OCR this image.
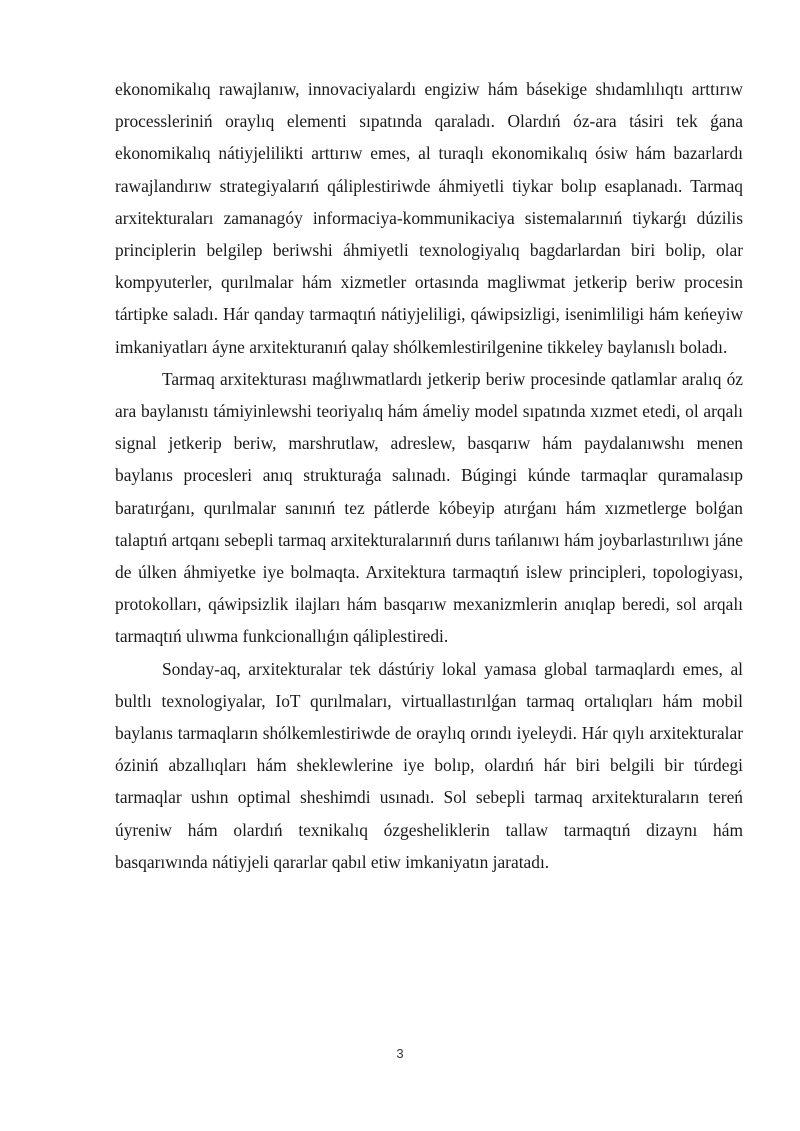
ekonomikalıq rawajlanıw, innovaciyalardı engiziw hám básekige shıdamlılıqtı arttırıw processleriniń oraylıq elementi sıpatında qaraladı. Olardıń óz-ara tásiri tek ǵana ekonomikalıq nátiyjelilikti arttırıw emes, al turaqlı ekonomikalıq ósiw hám bazarlardı rawajlandırıw strategiyalarıń qáliplestiriwde áhmiyetli tiykar bolıp esaplanadı. Tarmaq arxitekturaları zamanagóy informaciya-kommunikaciya sistemalarınıń tiykarǵı dúzilis principlerin belgilep beriwshi áhmiyetli texnologiyalıq bagdarlardan biri bolip, olar kompyuterler, qurılmalar hám xizmetler ortasında magliwmat jetkerip beriw procesin tártipke saladı. Hár qanday tarmaqtıń nátiyjeliligi, qáwipsizligi, isenimliligi hám keńeyiw imkaniyatları áyne arxitekturanıń qalay shólkemlestirilgenine tikkeley baylanıslı boladı.

Tarmaq arxitekturası maǵlıwmatlardı jetkerip beriw procesinde qatlamlar aralıq óz ara baylanıstı támiyinlewshi teoriyalıq hám ámeliy model sıpatında xızmet etedi, ol arqalı signal jetkerip beriw, marshrutlaw, adreslew, basqarıw hám paydalanıwshı menen baylanıs procesleri anıq strukturaǵa salınadı. Búgingi kúnde tarmaqlar quramalasıp baratırǵanı, qurılmalar sanınıń tez pátlerde kóbeyip atırǵanı hám xızmetlerge bolǵan talaptıń artqanı sebepli tarmaq arxitekturalarınıń durıs tańlanıwı hám joybarlastırılıwı jáne de úlken áhmiyetke iye bolmaqta. Arxitektura tarmaqtıń islew principleri, topologiyası, protokolları, qáwipsizlik ilajları hám basqarıw mexanizmlerin anıqlap beredi, sol arqalı tarmaqtıń ulıwma funkcionallıǵın qáliplestiredi.

Sonday-aq, arxitekturalar tek dástúriy lokal yamasa global tarmaqlardı emes, al bultlı texnologiyalar, IoT qurılmaları, virtuallastırılǵan tarmaq ortalıqları hám mobil baylanıs tarmaqların shólkemlestiriwde de oraylıq orındı iyeleydi. Hár qıylı arxitekturalar óziniń abzallıqları hám sheklewlerine iye bolıp, olardıń hár biri belgili bir túrdegi tarmaqlar ushın optimal sheshimdi usınadı. Sol sebepli tarmaq arxitekturaların tereń úyreniw hám olardıń texnikalıq ózgesheliklerin tallaw tarmaqtıń dizaynı hám basqarıwında nátiyjeli qararlar qabıl etiw imkaniyatın jaratadı.

3
